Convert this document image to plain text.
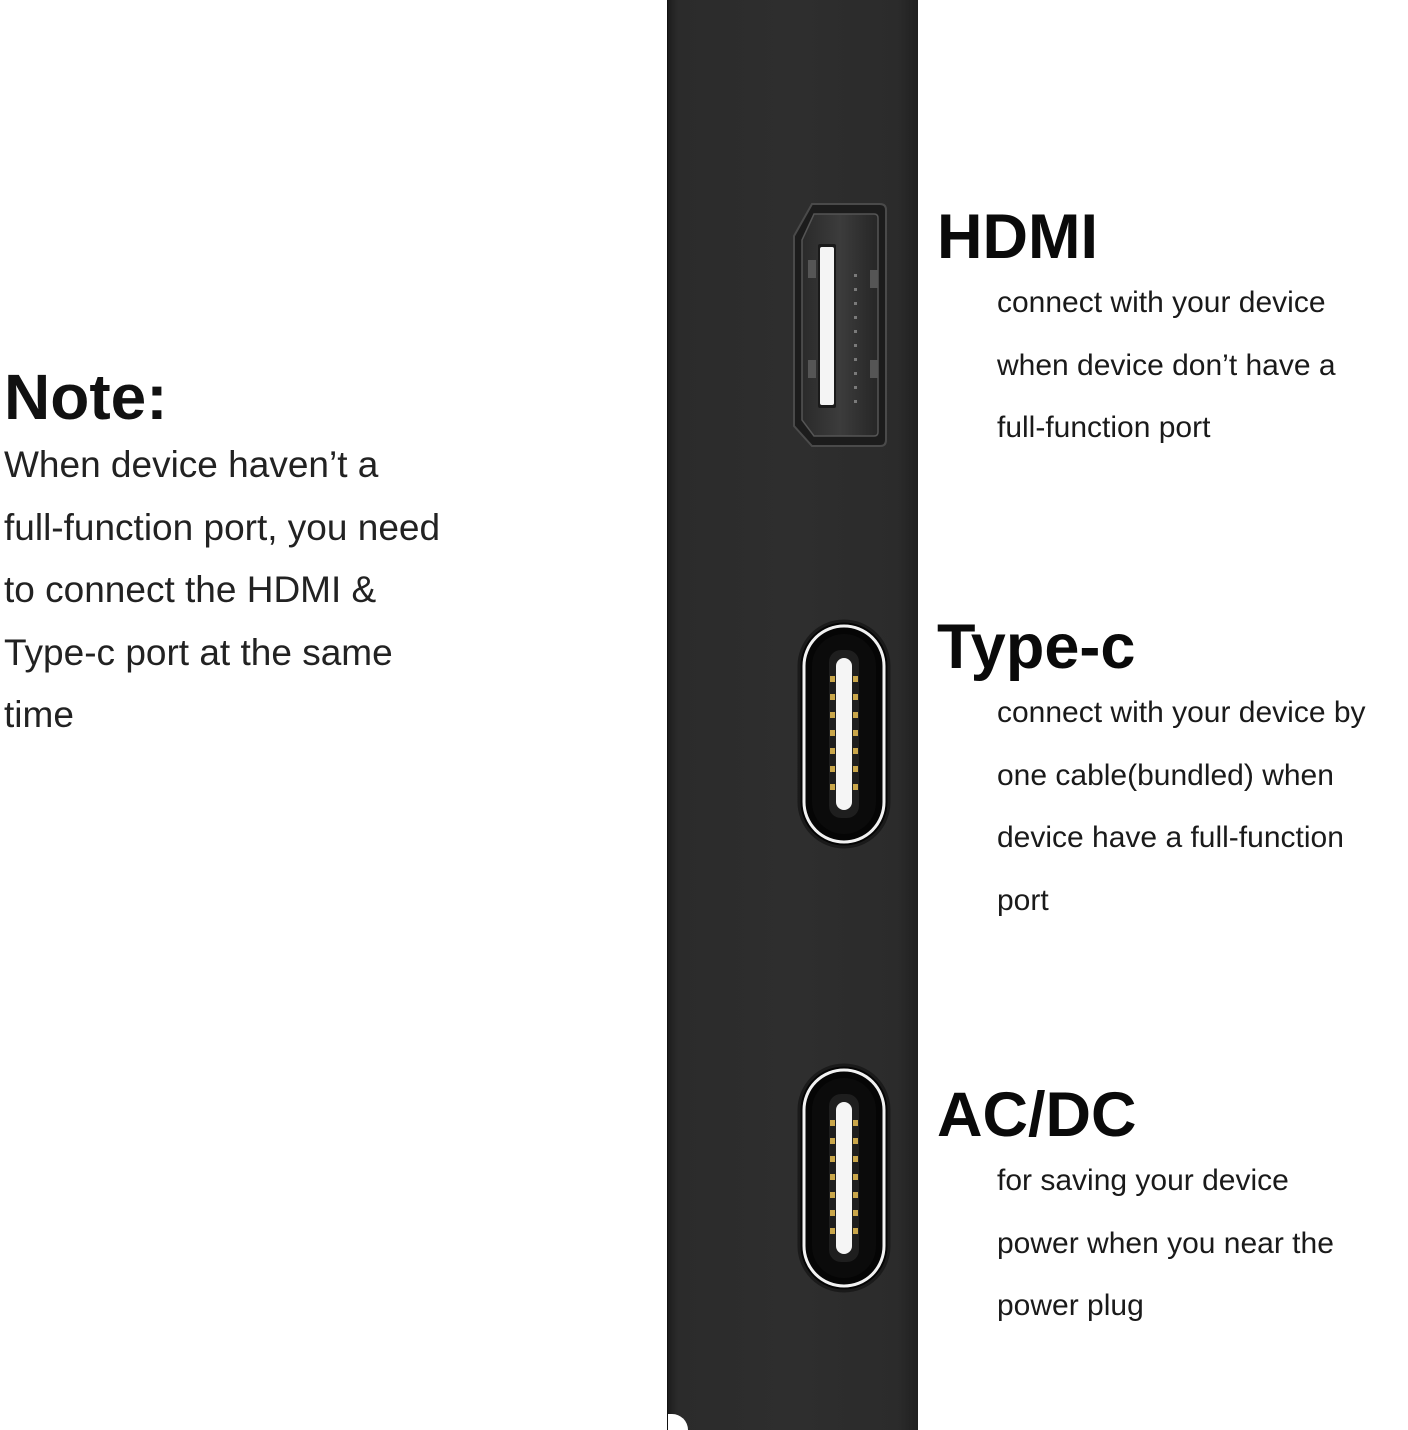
Note:
When device haven’t a
full-function port, you need
to connect the HDMI &
Type-c port at the same
time
HDMI
connect with your device
when device don’t have a
full-function port
Type-c
connect with your device by
one cable(bundled) when
device have a full-function
port
AC/DC
for saving your device
power when you near the
power plug
